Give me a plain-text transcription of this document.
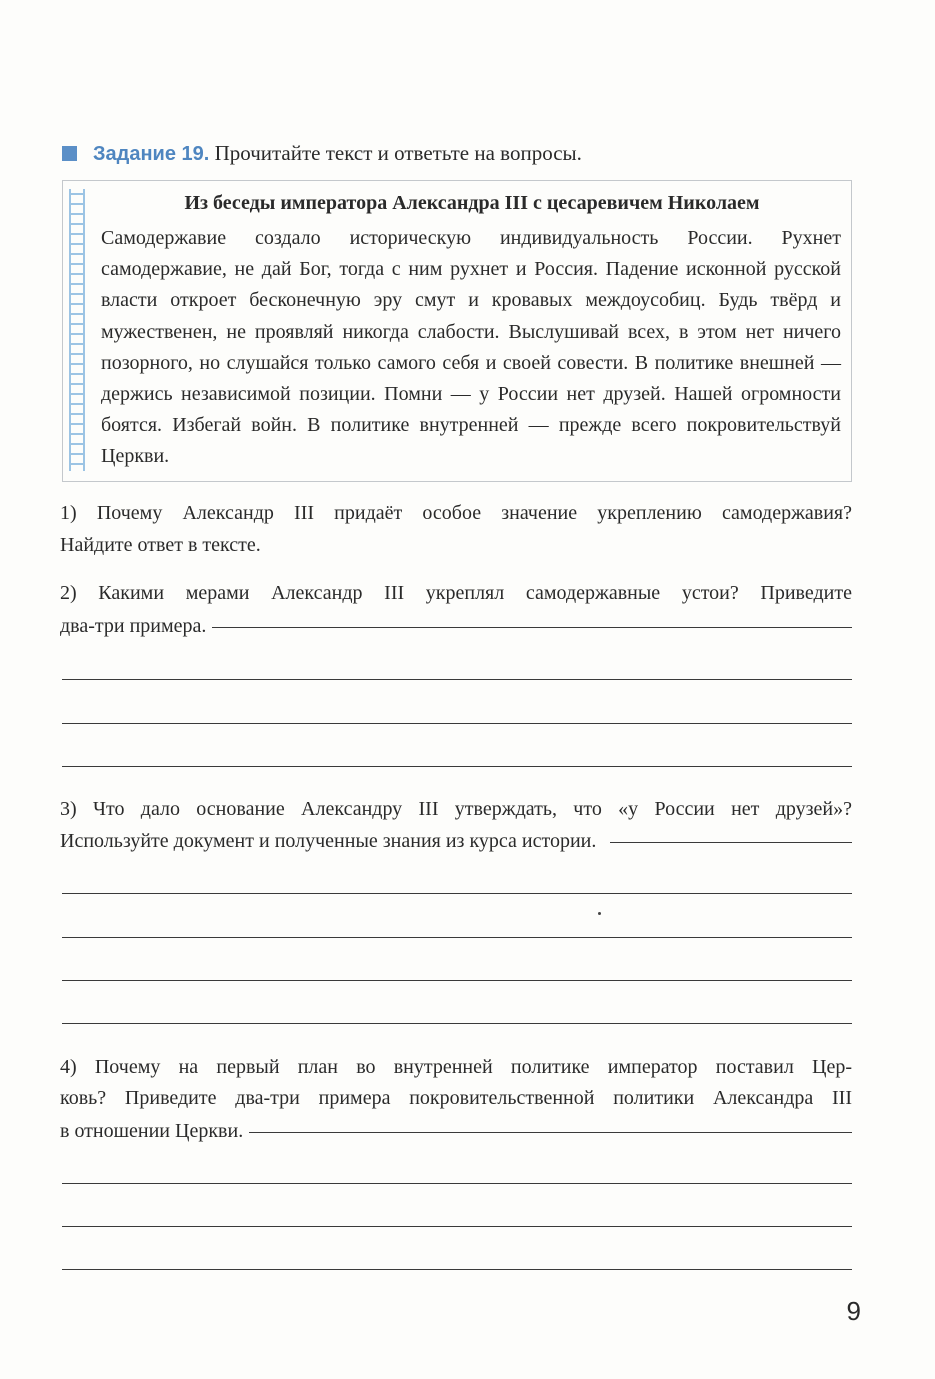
Задание 19. Прочитайте текст и ответьте на вопросы.
Из беседы императора Александра III с цесаревичем Николаем

Самодержавие создало историческую индивидуальность России. Рухнет самодержавие, не дай Бог, тогда с ним рухнет и Россия. Падение исконной русской власти откроет бесконечную эру смут и кровавых междоусобиц. Будь твёрд и мужественен, не проявляй никогда слабости. Выслушивай всех, в этом нет ничего позорного, но слушайся только самого себя и своей совести. В политике внешней — держись независимой позиции. Помни — у России нет друзей. Нашей огромности боятся. Избегай войн. В политике внутренней — прежде всего покровительствуй Церкви.

1) Почему Александр III придаёт особое значение укреплению самодержавия?
Найдите ответ в тексте.
2) Какими мерами Александр III укреплял самодержавные устои? Приведите
два-три примера.
3) Что дало основание Александру III утверждать, что «у России нет друзей»?
Используйте документ и полученные знания из курса истории.
4) Почему на первый план во внутренней политике император поставил Цер-
ковь? Приведите два-три примера покровительственной политики Александра III
в отношении Церкви.
9
